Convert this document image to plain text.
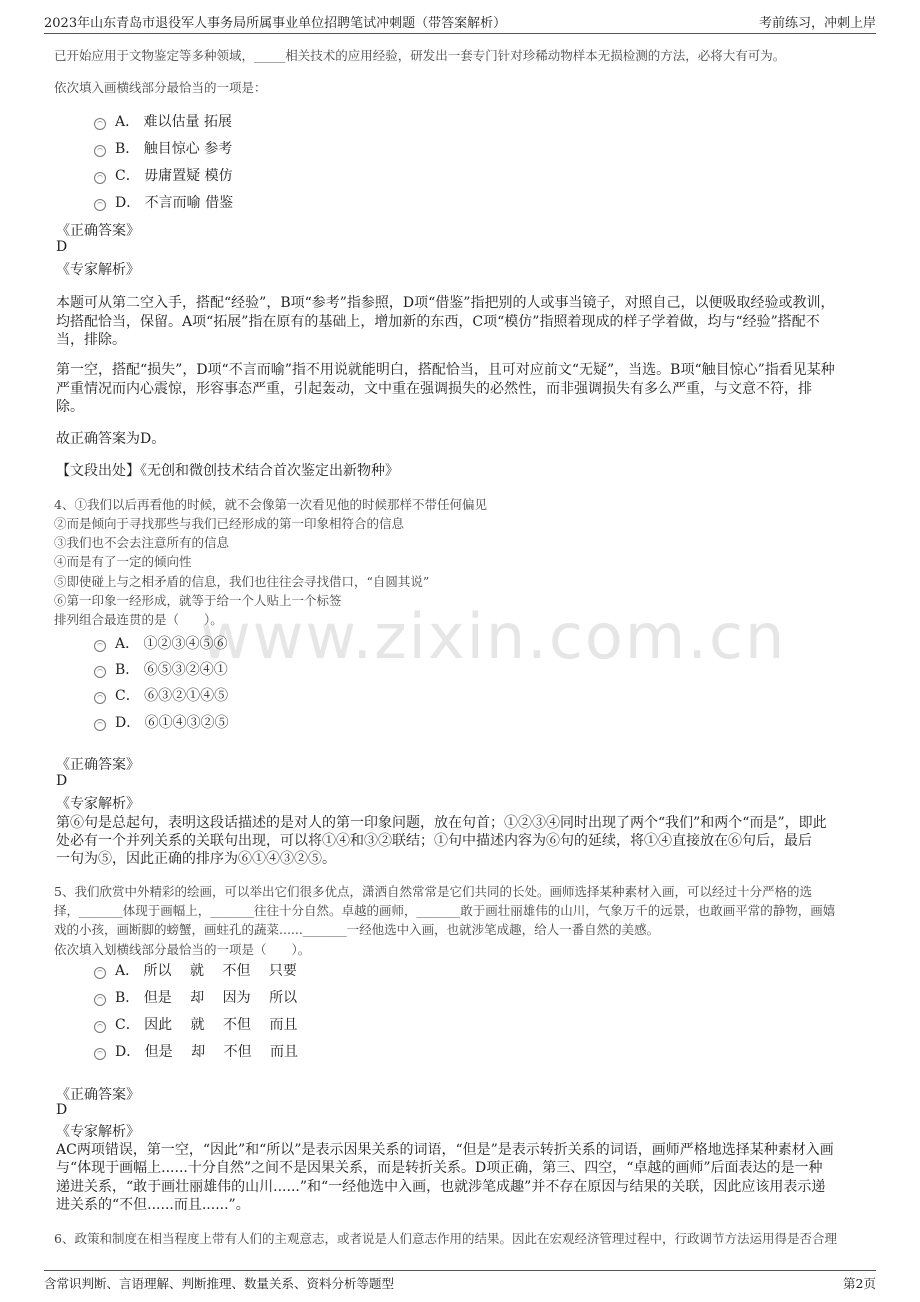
2023年山东青岛市退役军人事务局所属事业单位招聘笔试冲刺题（带答案解析）	考前练习，冲刺上岸
www.zixin.com.cn
已开始应用于文物鉴定等多种领域，_____相关技术的应用经验，研发出一套专门针对珍稀动物样本无损检测的方法，必将大有可为。
依次填入画横线部分最恰当的一项是：
A． 难以估量 拓展
B． 触目惊心 参考
C． 毋庸置疑 模仿
D． 不言而喻 借鉴
《正确答案》
D
《专家解析》
本题可从第二空入手，搭配“经验”，B项“参考”指参照，D项“借鉴”指把别的人或事当镜子，对照自己，以便吸取经验或教训，
均搭配恰当，保留。A项“拓展”指在原有的基础上，增加新的东西，C项“模仿”指照着现成的样子学着做，均与“经验”搭配不
当，排除。
第一空，搭配“损失”，D项“不言而喻”指不用说就能明白，搭配恰当，且可对应前文“无疑”，当选。B项“触目惊心”指看见某种
严重情况而内心震惊，形容事态严重，引起轰动，文中重在强调损失的必然性，而非强调损失有多么严重，与文意不符，排
除。
故正确答案为D。
【文段出处】《无创和微创技术结合首次鉴定出新物种》
4、①我们以后再看他的时候，就不会像第一次看见他的时候那样不带任何偏见
②而是倾向于寻找那些与我们已经形成的第一印象相符合的信息
③我们也不会去注意所有的信息
④而是有了一定的倾向性
⑤即使碰上与之相矛盾的信息，我们也往往会寻找借口，“自圆其说”
⑥第一印象一经形成，就等于给一个人贴上一个标签
排列组合最连贯的是（　　）。
A． ①②③④⑤⑥
B． ⑥⑤③②④①
C． ⑥③②①④⑤
D． ⑥①④③②⑤
《正确答案》
D
《专家解析》
第⑥句是总起句，表明这段话描述的是对人的第一印象问题，放在句首；①②③④同时出现了两个“我们”和两个“而是”，即此
处必有一个并列关系的关联句出现，可以将①④和③②联结；①句中描述内容为⑥句的延续，将①④直接放在⑥句后，最后
一句为⑤，因此正确的排序为⑥①④③②⑤。
5、我们欣赏中外精彩的绘画，可以举出它们很多优点，潇洒自然常常是它们共同的长处。画师选择某种素材入画，可以经过十分严格的选
择，_______体现于画幅上，_______往往十分自然。卓越的画师，_______敢于画壮丽雄伟的山川，气象万千的远景，也敢画平常的静物，画嬉
戏的小孩，画断脚的螃蟹，画蛀孔的蔬菜......_______一经他选中入画，也就涉笔成趣，给人一番自然的美感。
依次填入划横线部分最恰当的一项是（　　）。
A． 所以　 就　 不但　 只要
B． 但是　 却　 因为　 所以
C． 因此　 就　 不但　 而且
D． 但是　 却　 不但　 而且
《正确答案》
D
《专家解析》
AC两项错误，第一空，“因此”和“所以”是表示因果关系的词语，“但是”是表示转折关系的词语，画师严格地选择某种素材入画
与“体现于画幅上......十分自然”之间不是因果关系，而是转折关系。D项正确，第三、四空，“卓越的画师”后面表达的是一种
递进关系，“敢于画壮丽雄伟的山川......”和“一经他选中入画，也就涉笔成趣”并不存在原因与结果的关联，因此应该用表示递
进关系的“不但......而且......”。
6、政策和制度在相当程度上带有人们的主观意志，或者说是人们意志作用的结果。因此在宏观经济管理过程中，行政调节方法运用得是否合理
含常识判断、言语理解、判断推理、数量关系、资料分析等题型	第2页
